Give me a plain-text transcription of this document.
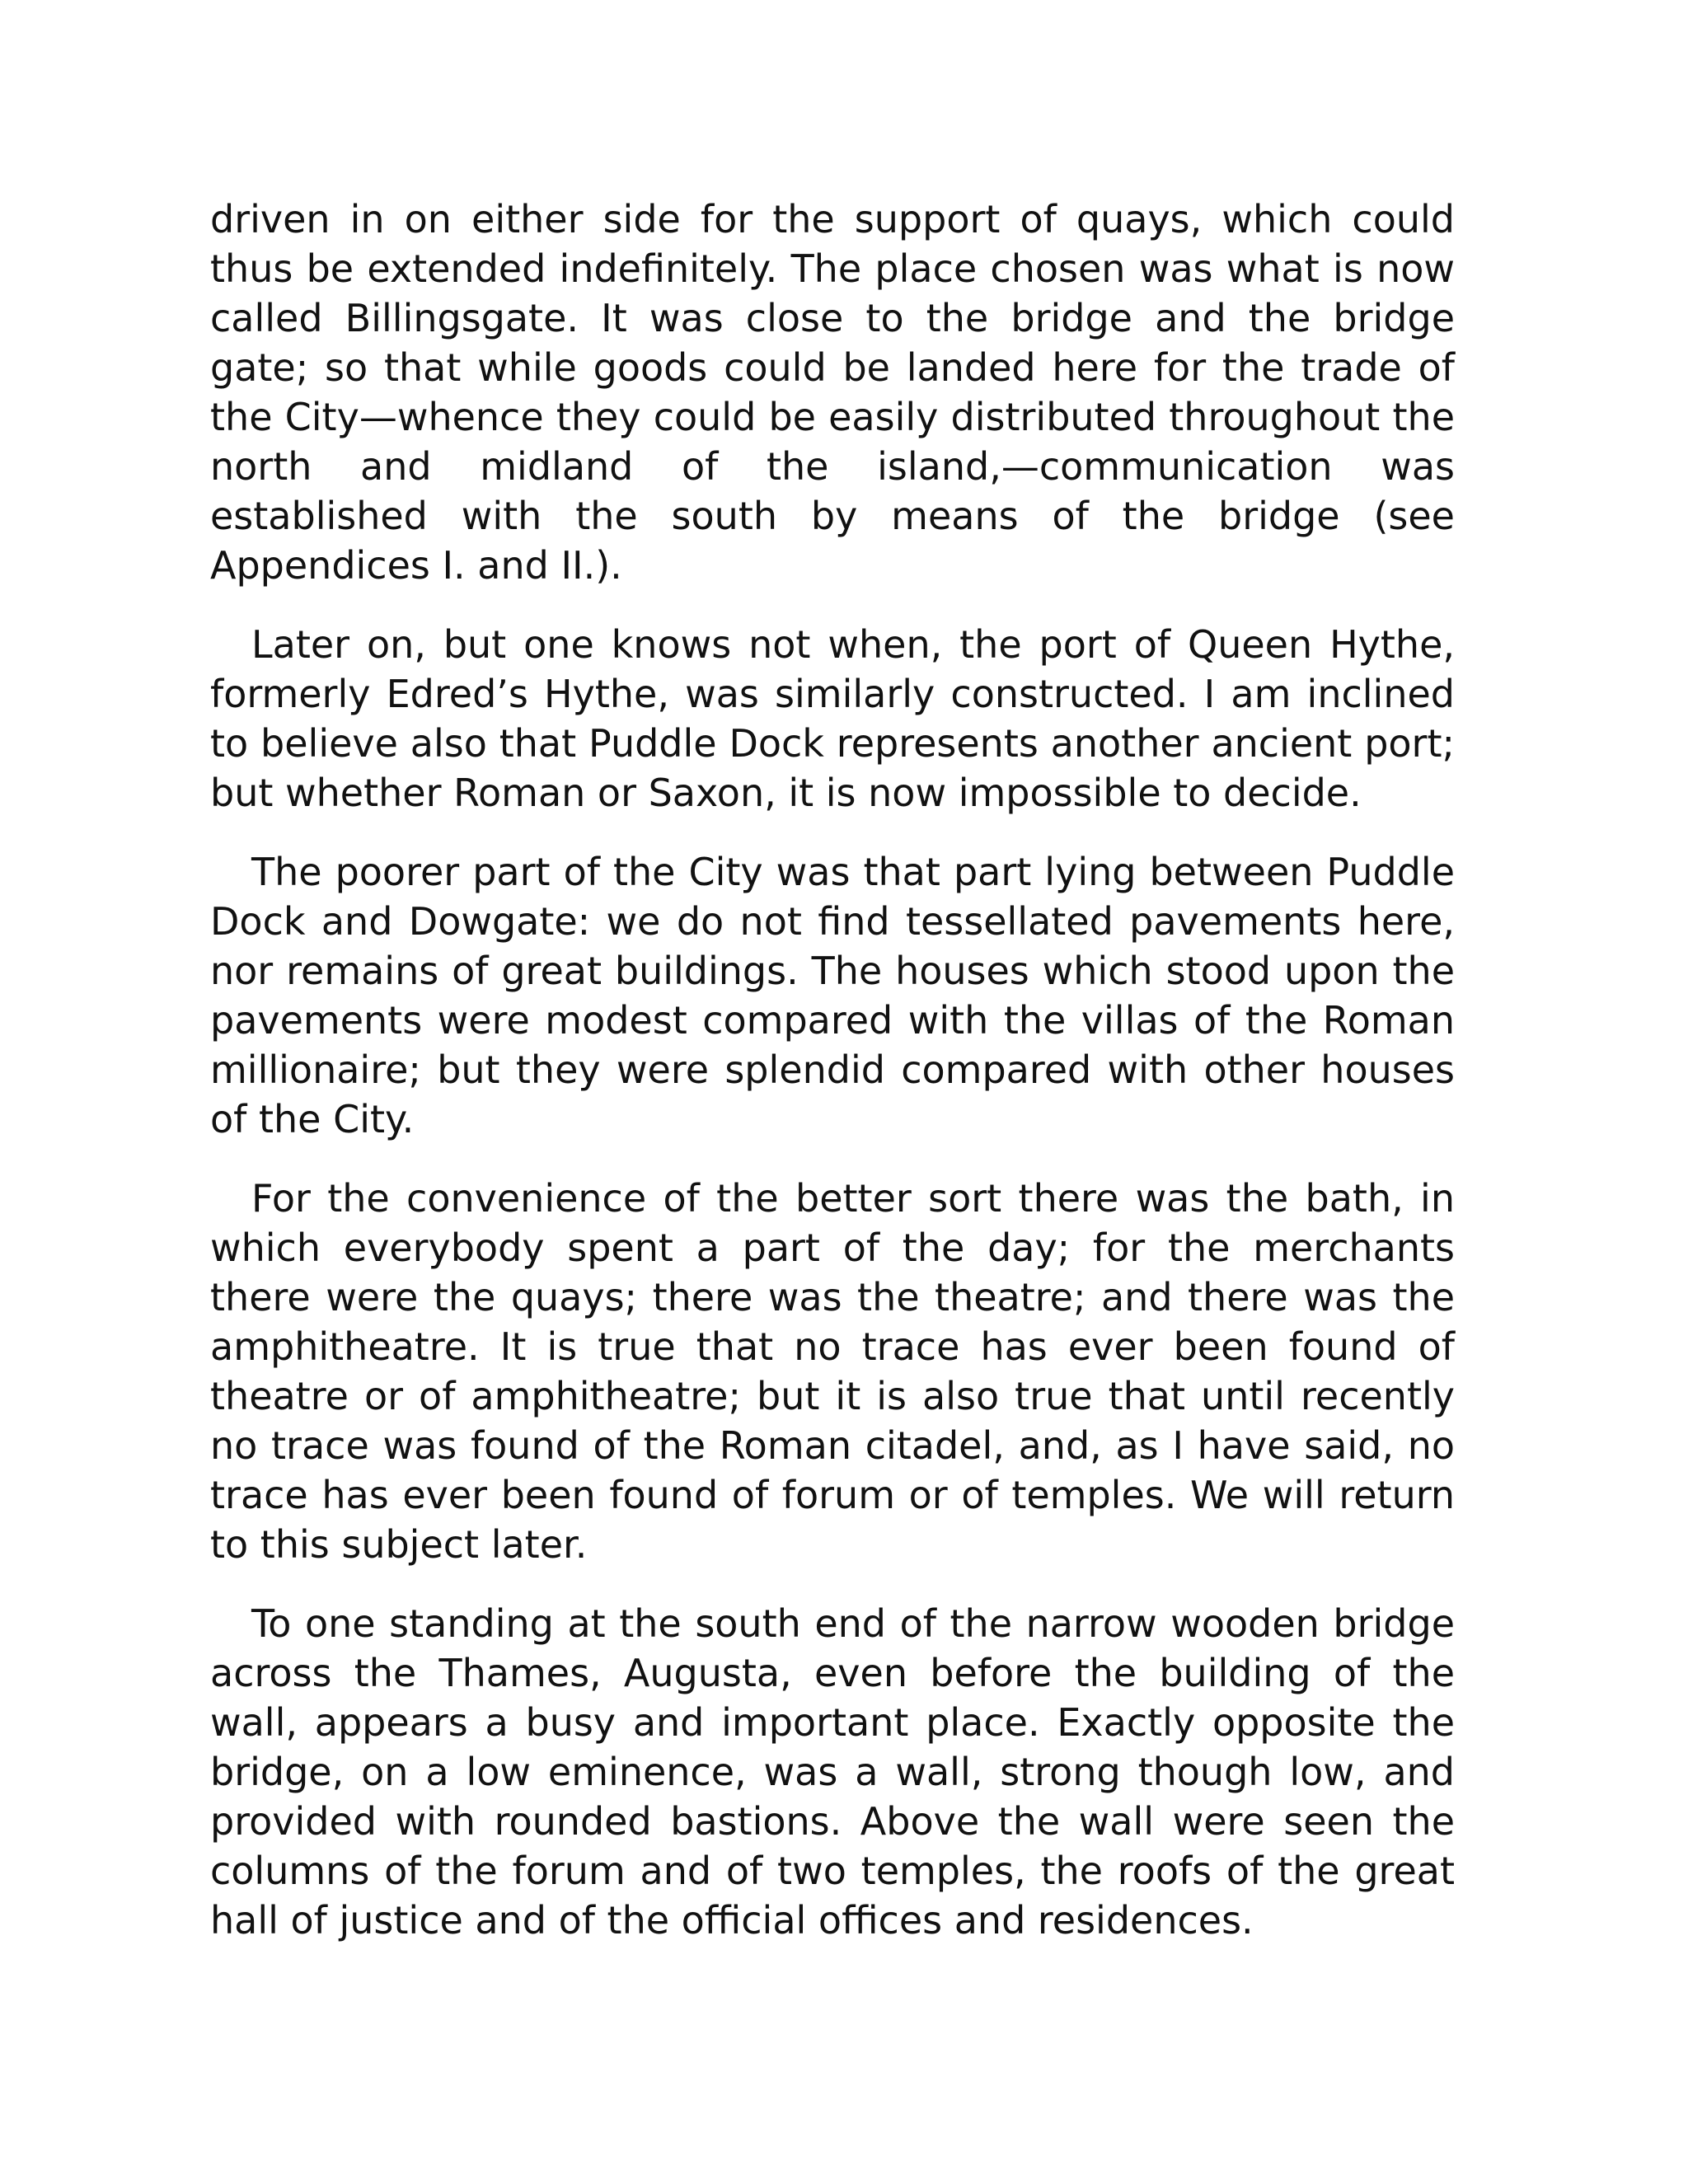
driven in on either side for the support of quays, which could thus be extended indefinitely. The place chosen was what is now called Billingsgate. It was close to the bridge and the bridge gate; so that while goods could be landed here for the trade of the City—whence they could be easily distributed throughout the north and midland of the island,—communication was established with the south by means of the bridge (see Appendices I. and II.).

Later on, but one knows not when, the port of Queen Hythe, formerly Edred’s Hythe, was similarly constructed. I am inclined to believe also that Puddle Dock represents another ancient port; but whether Roman or Saxon, it is now impossible to decide.

The poorer part of the City was that part lying between Puddle Dock and Dowgate: we do not find tessellated pavements here, nor remains of great buildings. The houses which stood upon the pavements were modest compared with the villas of the Roman millionaire; but they were splendid compared with other houses of the City.

For the convenience of the better sort there was the bath, in which everybody spent a part of the day; for the merchants there were the quays; there was the theatre; and there was the amphitheatre. It is true that no trace has ever been found of theatre or of amphitheatre; but it is also true that until recently no trace was found of the Roman citadel, and, as I have said, no trace has ever been found of forum or of temples. We will return to this subject later.

To one standing at the south end of the narrow wooden bridge across the Thames, Augusta, even before the building of the wall, appears a busy and important place. Exactly opposite the bridge, on a low eminence, was a wall, strong though low, and provided with rounded bastions. Above the wall were seen the columns of the forum and of two temples, the roofs of the great hall of justice and of the official offices and residences.
